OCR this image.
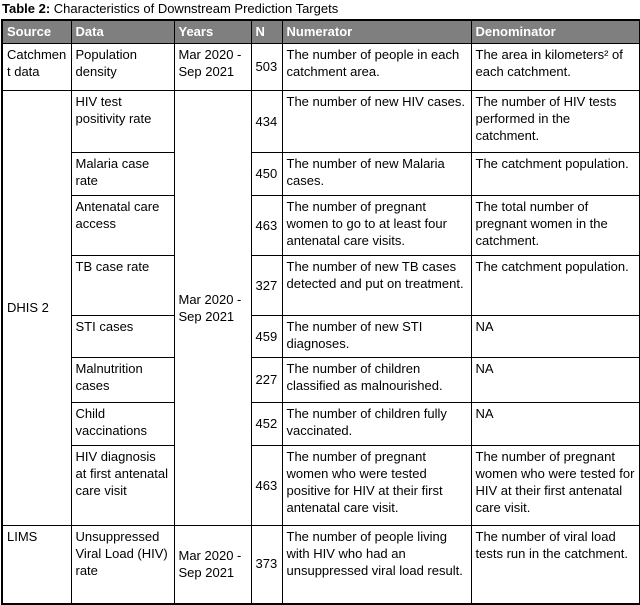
Table 2: Characteristics of Downstream Prediction Targets
Source	Data	Years	N	Numerator	Denominator
Catchment data	Population density	Mar 2020 - Sep 2021	503	The number of people in each catchment area.	The area in kilometers² of each catchment.
DHIS 2	HIV test positivity rate	Mar 2020 - Sep 2021	434	The number of new HIV cases.	The number of HIV tests performed in the catchment.
	Malaria case rate		450	The number of new Malaria cases.	The catchment population.
	Antenatal care access		463	The number of pregnant women to go to at least four antenatal care visits.	The total number of pregnant women in the catchment.
	TB case rate		327	The number of new TB cases detected and put on treatment.	The catchment population.
	STI cases		459	The number of new STI diagnoses.	NA
	Malnutrition cases		227	The number of children classified as malnourished.	NA
	Child vaccinations		452	The number of children fully vaccinated.	NA
	HIV diagnosis at first antenatal care visit		463	The number of pregnant women who were tested positive for HIV at their first antenatal care visit.	The number of pregnant women who were tested for HIV at their first antenatal care visit.
LIMS	Unsuppressed Viral Load (HIV) rate	Mar 2020 - Sep 2021	373	The number of people living with HIV who had an unsuppressed viral load result.	The number of viral load tests run in the catchment.
